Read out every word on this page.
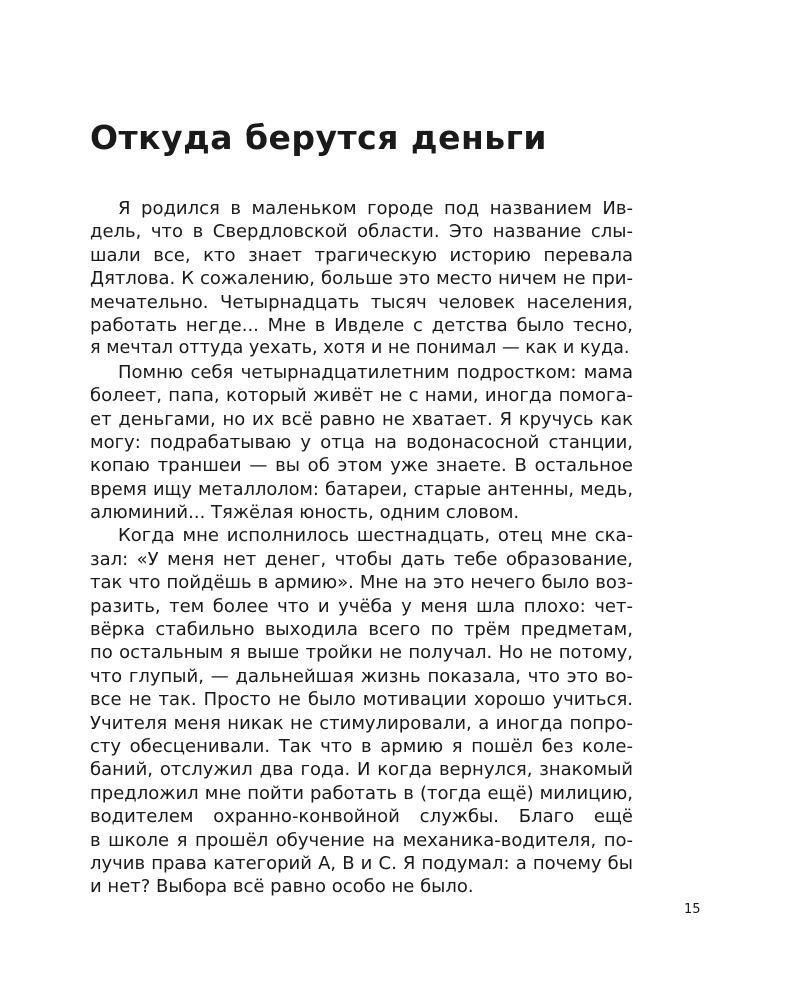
Откуда берутся деньги
Я родился в маленьком городе под названием Ив-
дель, что в Свердловской области. Это название слы-
шали все, кто знает трагическую историю перевала
Дятлова. К сожалению, больше это место ничем не при-
мечательно. Четырнадцать тысяч человек населения,
работать негде... Мне в Ивделе с детства было тесно,
я мечтал оттуда уехать, хотя и не понимал — как и куда.
Помню себя четырнадцатилетним подростком: мама
болеет, папа, который живёт не с нами, иногда помога-
ет деньгами, но их всё равно не хватает. Я кручусь как
могу: подрабатываю у отца на водонасосной станции,
копаю траншеи — вы об этом уже знаете. В остальное
время ищу металлолом: батареи, старые антенны, медь,
алюминий... Тяжёлая юность, одним словом.
Когда мне исполнилось шестнадцать, отец мне ска-
зал: «У меня нет денег, чтобы дать тебе образование,
так что пойдёшь в армию». Мне на это нечего было воз-
разить, тем более что и учёба у меня шла плохо: чет-
вёрка стабильно выходила всего по трём предметам,
по остальным я выше тройки не получал. Но не потому,
что глупый, — дальнейшая жизнь показала, что это во-
все не так. Просто не было мотивации хорошо учиться.
Учителя меня никак не стимулировали, а иногда попро-
сту обесценивали. Так что в армию я пошёл без коле-
баний, отслужил два года. И когда вернулся, знакомый
предложил мне пойти работать в (тогда ещё) милицию,
водителем охранно-конвойной службы. Благо ещё
в школе я прошёл обучение на механика-водителя, по-
лучив права категорий А, В и С. Я подумал: а почему бы
и нет? Выбора всё равно особо не было.
15
